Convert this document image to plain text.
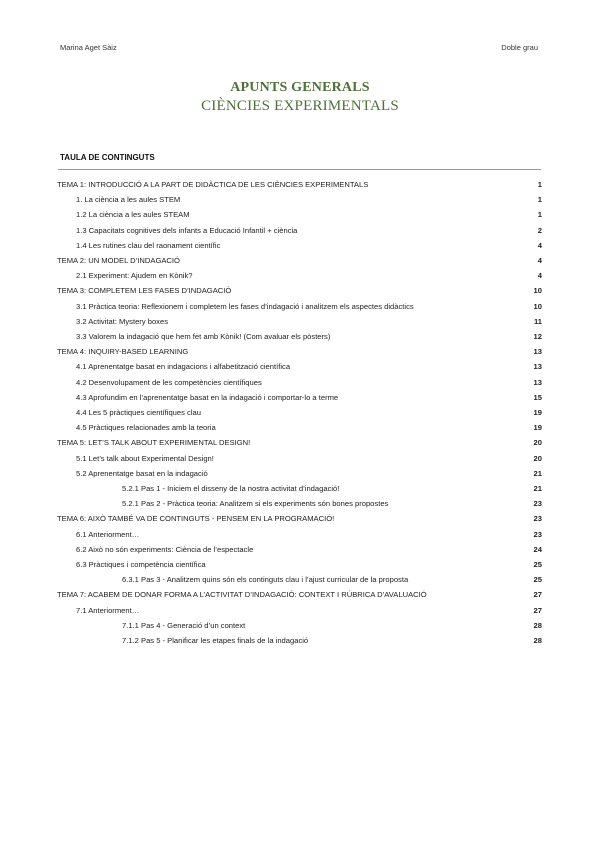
Marina Aget Sàiz	Doble grau
APUNTS GENERALS
CIÈNCIES EXPERIMENTALS
TAULA DE CONTINGUTS
TEMA 1: INTRODUCCIÓ A LA PART DE DIDÀCTICA DE LES CIÈNCIES EXPERIMENTALS	1
1. La ciència a les aules STEM	1
1.2 La ciència a les aules STEAM	1
1.3 Capacitats cognitives dels infants a Educació Infantil + ciència	2
1.4 Les rutines clau del raonament científic	4
TEMA 2: UN MODEL D’INDAGACIÓ	4
2.1 Experiment: Ajudem en Kònik?	4
TEMA 3: COMPLETEM LES FASES D’INDAGACIÓ	10
3.1 Pràctica teoria: Reflexionem i completem les fases d’indagació i analitzem els aspectes didàctics	10
3.2 Activitat: Mystery boxes	11
3.3 Valorem la indagació que hem fet amb Kònik! (Com avaluar els pòsters)	12
TEMA 4: INQUIRY-BASED LEARNING	13
4.1 Aprenentatge basat en indagacions i alfabetització científica	13
4.2 Desenvolupament de les competències científiques	13
4.3 Aprofundim en l’aprenentatge basat en la indagació i comportar-lo a terme	15
4.4 Les 5 pràctiques científiques clau	19
4.5 Pràctiques relacionades amb la teoria	19
TEMA 5: LET’S TALK ABOUT EXPERIMENTAL DESIGN!	20
5.1 Let’s talk about Experimental Design!	20
5.2 Aprenentatge basat en la indagació	21
5.2.1 Pas 1 - Iniciem el disseny de la nostra activitat d’indagació!	21
5.2.1 Pas 2 - Pràctica teoria: Analitzem si els experiments són bones propostes	23
TEMA 6: AIXÒ TAMBÉ VA DE CONTINGUTS - PENSEM EN LA PROGRAMACIÓ!	23
6.1 Anteriorment…	23
6.2 Això no són experiments: Ciència de l’espectacle	24
6.3 Pràctiques i competència científica	25
6.3.1 Pas 3 - Analitzem quins són els continguts clau i l’ajust curricular de la proposta	25
TEMA 7: ACABEM DE DONAR FORMA A L’ACTIVITAT D’INDAGACIÓ: CONTEXT I RÚBRICA D’AVALUACIÓ	27
7.1 Anteriorment…	27
7.1.1 Pas 4 - Generació d’un context	28
7.1.2 Pas 5 - Planificar les etapes finals de la indagació	28
